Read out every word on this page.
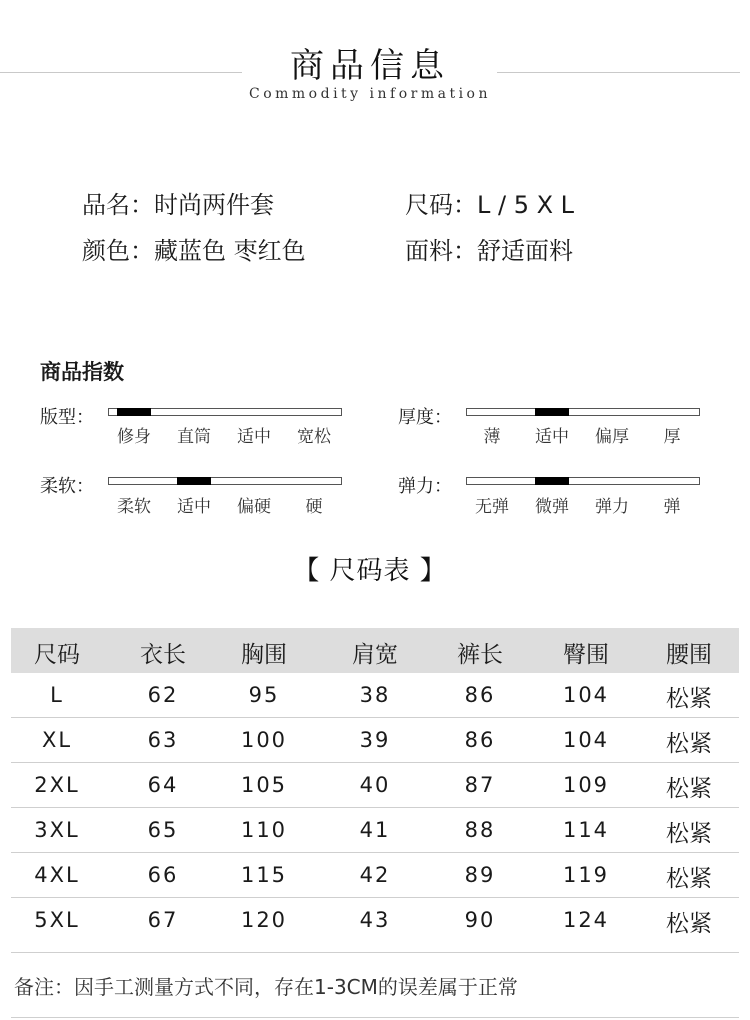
商品信息
Commodity information
品名：时尚两件套	尺码：L / 5 X L
颜色：藏蓝色 枣红色	面料：舒适面料
商品指数
版型：
修身 直筒 适中 宽松
厚度：
薄 适中 偏厚 厚
柔软：
柔软 适中 偏硬 硬
弹力：
无弹 微弹 弹力 弹
【 尺码表 】
尺码	衣长 胸围	肩宽	裤长	臀围 腰围
L	62	95	38	86	104 松紧
XL	63	100	39	86	104 松紧
2XL	64	105	40	87	109 松紧
3XL	65	110	41	88	114 松紧
4XL	66	115	42	89	119 松紧
5XL	67	120	43	90	124 松紧
备注：因手工测量方式不同，存在1-3CM的误差属于正常
